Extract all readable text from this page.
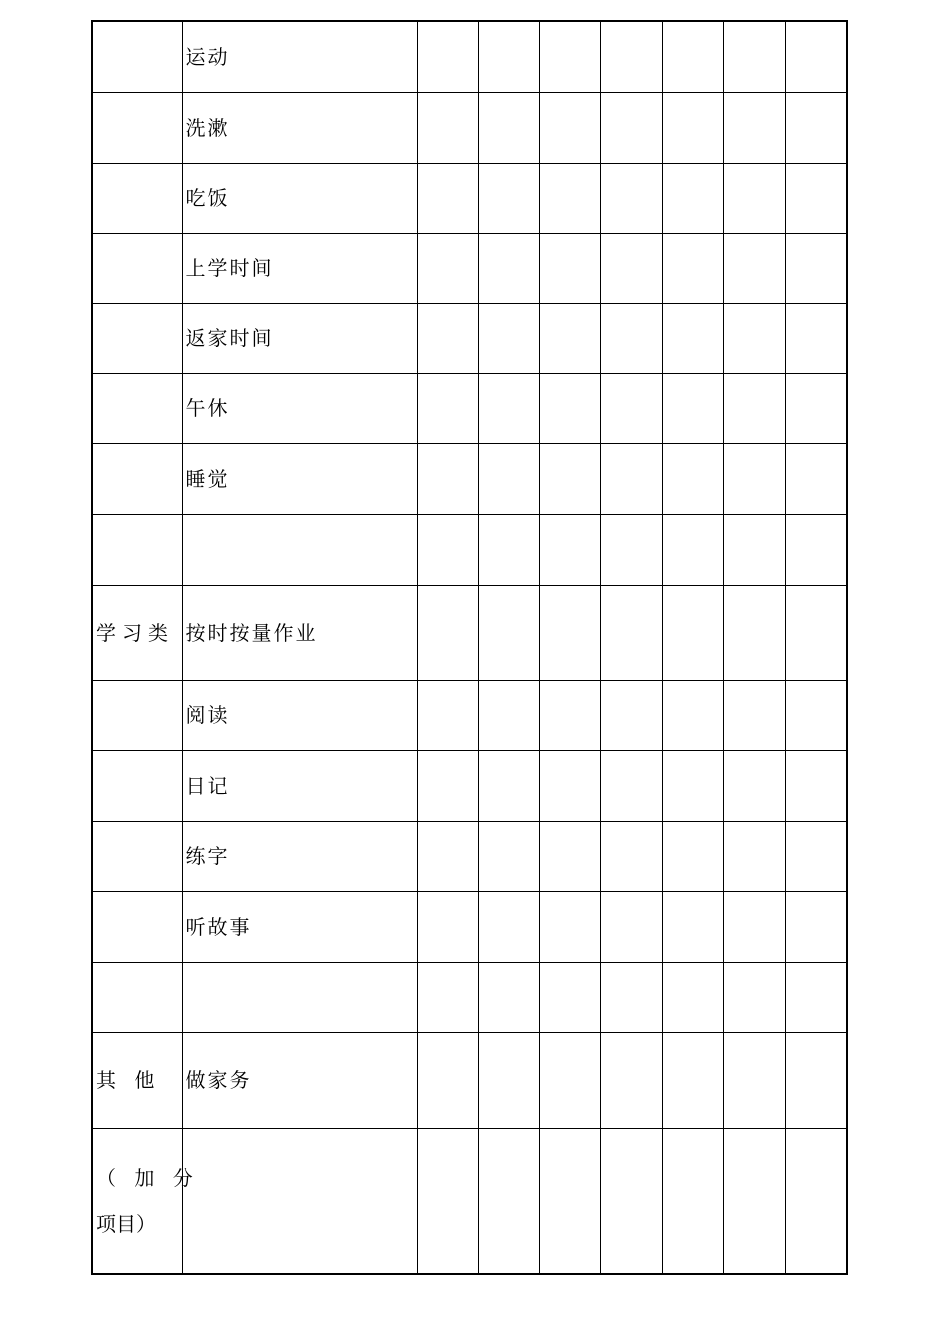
	运动							
	洗漱							
	吃饭							
	上学时间							
	返家时间							
	午休							
	睡觉							

学习类	按时按量作业							
	阅读							
	日记							
	练字							
	听故事							

其 他	做家务							

（ 加 分
项目）								
